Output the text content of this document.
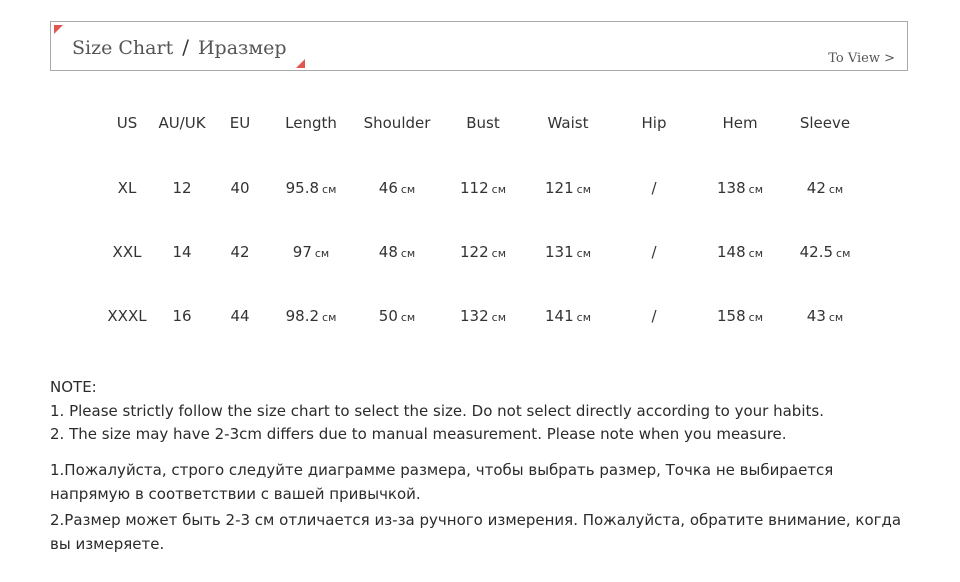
Size Chart / Иразмер	To View >
US AU/UK EU Length Shoulder Bust	Waist	Hip	Hem	Sleeve
XL 12	40 95.8 см	46 см	112 см	121 см	/	138 см	42 см
XXL 14	42	97 см	48 см	122 см	131 см	/	148 см 42.5 см
XXXL 16	44 98.2 см	50 см	132 см	141 см	/	158 см	43 см

NOTE:

1. Please strictly follow the size chart to select the size. Do not select directly according to your habits.

2. The size may have 2-3cm differs due to manual measurement. Please note when you measure.

1.Пожалуйста, строго следуйте диаграмме размера, чтобы выбрать размер, Точка не выбирается напрямую в соответствии с вашей привычкой.

2.Размер может быть 2-3 см отличается из-за ручного измерения. Пожалуйста, обратите внимание, когда вы измеряете.
